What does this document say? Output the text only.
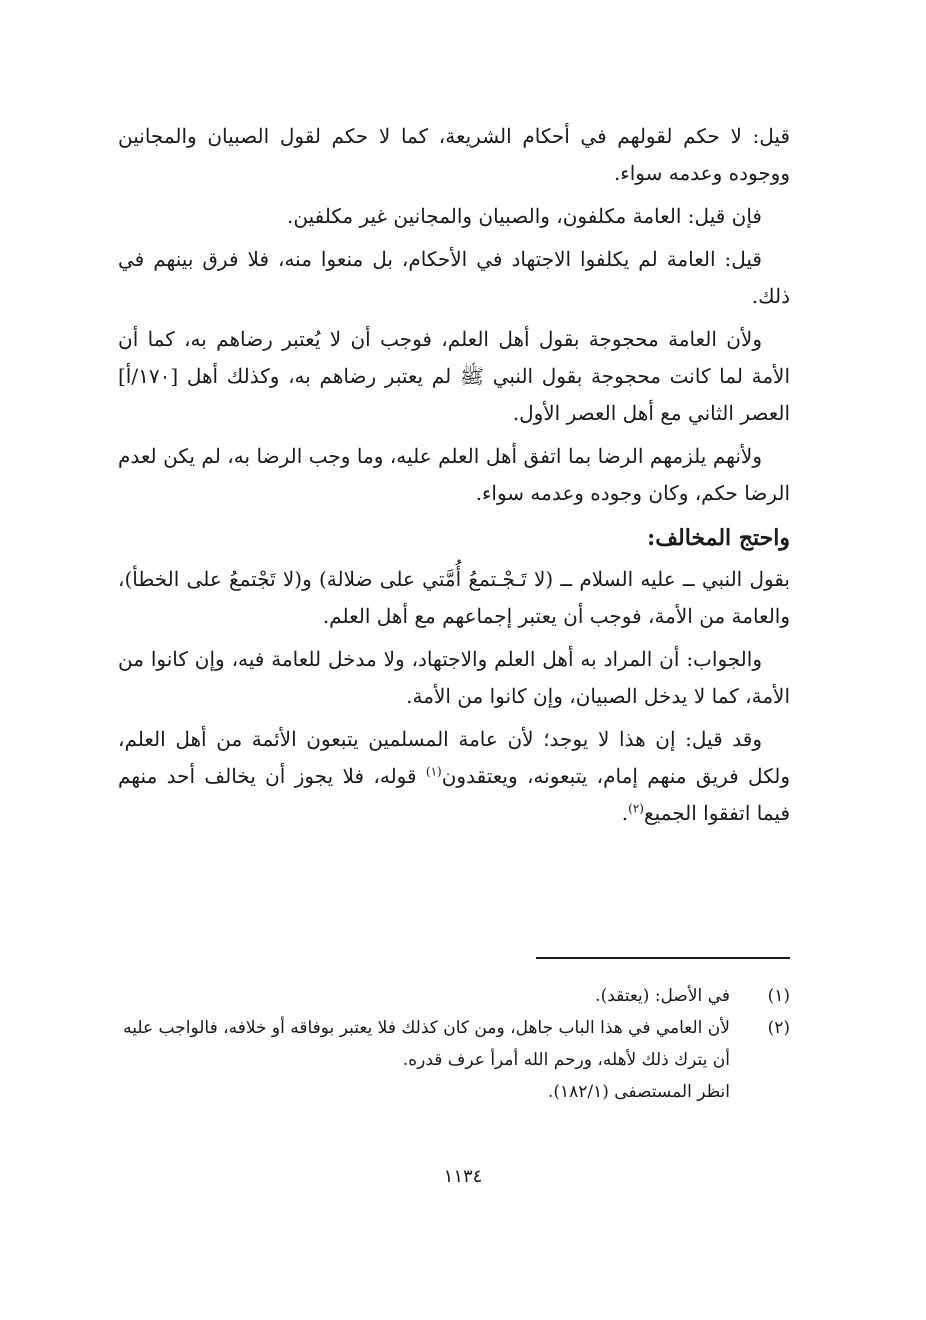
قيل: لا حكم لقولهم في أحكام الشريعة، كما لا حكم لقول الصبيان والمجانين ووجوده وعدمه سواء.

فإن قيل: العامة مكلفون، والصبيان والمجانين غير مكلفين.

قيل: العامة لم يكلفوا الاجتهاد في الأحكام، بل منعوا منه، فلا فرق بينهم في ذلك.

ولأن العامة محجوجة بقول أهل العلم، فوجب أن لا يُعتبر رضاهم به، كما أن الأمة لما كانت محجوجة بقول النبي ﷺ لم يعتبر رضاهم به، وكذلك أهل [١٧٠/أ] العصر الثاني مع أهل العصر الأول.

ولأنهم يلزمهم الرضا بما اتفق أهل العلم عليه، وما وجب الرضا به، لم يكن لعدم الرضا حكم، وكان وجوده وعدمه سواء.

واحتج المخالف:

بقول النبي ــ عليه السلام ــ (لا تَـجْـتمعُ أُمَّتي على ضلالة) و(لا تَجْتمعُ على الخطأ)، والعامة من الأمة، فوجب أن يعتبر إجماعهم مع أهل العلم.

والجواب: أن المراد به أهل العلم والاجتهاد، ولا مدخل للعامة فيه، وإن كانوا من الأمة، كما لا يدخل الصبيان، وإن كانوا من الأمة.

وقد قيل: إن هذا لا يوجد؛ لأن عامة المسلمين يتبعون الأئمة من أهل العلم، ولكل فريق منهم إمام، يتبعونه، ويعتقدون$^{(١)}$ قوله، فلا يجوز أن يخالف أحد منهم فيما اتفقوا الجميع$^{(٢)}$.

(١)
في الأصل: (يعتقد).

(٢)
لأن العامي في هذا الباب جاهل، ومن كان كذلك فلا يعتبر بوفاقه أو خلافه، فالواجب عليه أن يترك ذلك لأهله، ورحم الله أمرأ عرف قدره.

انظر المستصفى (١٨٢/١).

١١٣٤
